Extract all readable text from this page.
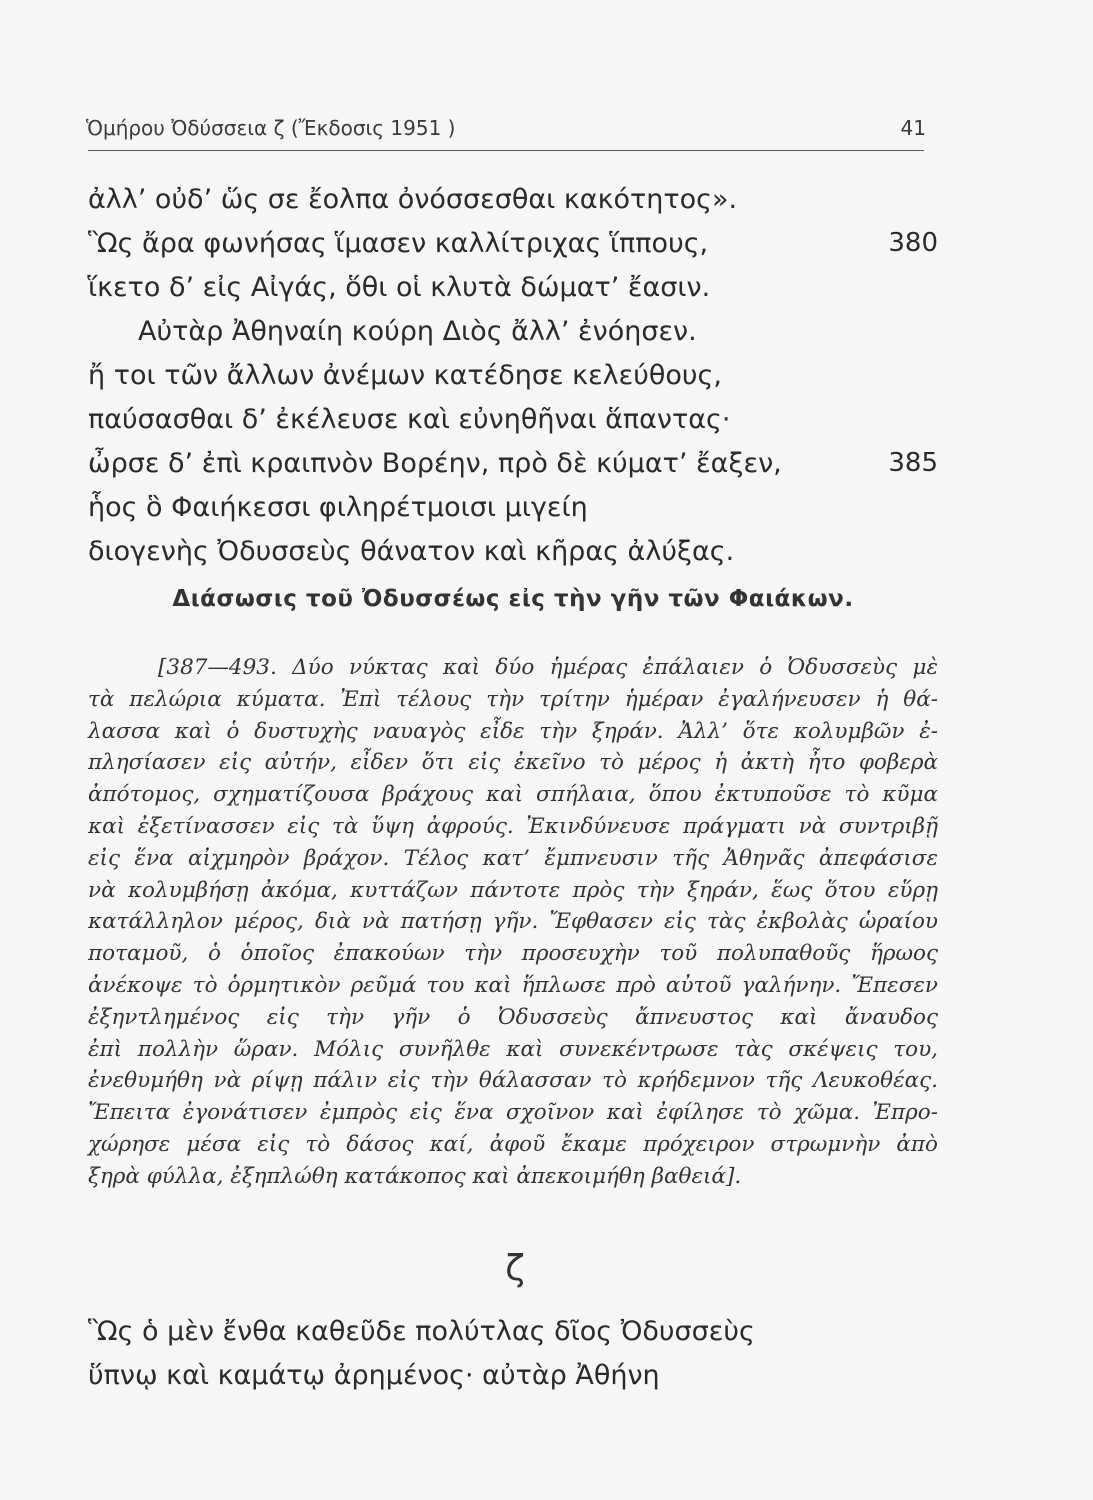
Ὁμήρου Ὀδύσσεια ζ (Ἔκδοσις 1951 )	41
ἀλλ’ οὐδ’ ὥς σε ἔολπα ὀνόσσεσθαι κακότητος».
Ὣς ἄρα φωνήσας ἵμασεν καλλίτριχας ἵππους,	380
ἵκετο δ’ εἰς Αἰγάς, ὅθι οἱ κλυτὰ δώματ’ ἔασιν.
Αὐτὰρ Ἀθηναίη κούρη Διὸς ἄλλ’ ἐνόησεν.
ἤ τοι τῶν ἄλλων ἀνέμων κατέδησε κελεύθους,
παύσασθαι δ’ ἐκέλευσε καὶ εὐνηθῆναι ἅπαντας·
ὦρσε δ’ ἐπὶ κραιπνὸν Βορέην, πρὸ δὲ κύματ’ ἔαξεν,	385
ἧος ὃ Φαιήκεσσι φιληρέτμοισι μιγείη
διογενὴς Ὀδυσσεὺς θάνατον καὶ κῆρας ἀλύξας.
Διάσωσις τοῦ Ὀδυσσέως εἰς τὴν γῆν τῶν Φαιάκων.
[387—493. Δύο νύκτας καὶ δύο ἡμέρας ἐπάλαιεν ὁ Ὀδυσσεὺς μὲ
τὰ πελώρια κύματα. Ἐπὶ τέλους τὴν τρίτην ἡμέραν ἐγαλήνευσεν ἡ θά-
λασσα καὶ ὁ δυστυχὴς ναυαγὸς εἶδε τὴν ξηράν. Ἀλλ’ ὅτε κολυμβῶν ἐ-
πλησίασεν εἰς αὐτήν, εἶδεν ὅτι εἰς ἐκεῖνο τὸ μέρος ἡ ἀκτὴ ἦτο φοβερὰ
ἀπότομος, σχηματίζουσα βράχους καὶ σπήλαια, ὅπου ἐκτυποῦσε τὸ κῦμα
καὶ ἐξετίνασσεν εἰς τὰ ὕψη ἀφρούς. Ἐκινδύνευσε πράγματι νὰ συντριβῇ
εἰς ἕνα αἰχμηρὸν βράχον. Τέλος κατ’ ἔμπνευσιν τῆς Ἀθηνᾶς ἀπεφάσισε
νὰ κολυμβήσῃ ἀκόμα, κυττάζων πάντοτε πρὸς τὴν ξηράν, ἕως ὅτου εὕρῃ
κατάλληλον μέρος, διὰ νὰ πατήσῃ γῆν. Ἔφθασεν εἰς τὰς ἐκβολὰς ὡραίου
ποταμοῦ, ὁ ὁποῖος ἐπακούων τὴν προσευχὴν τοῦ πολυπαθοῦς ἥρωος
ἀνέκοψε τὸ ὁρμητικὸν ρεῦμά του καὶ ἥπλωσε πρὸ αὐτοῦ γαλήνην. Ἔπεσεν
ἐξηντλημένος εἰς τὴν γῆν ὁ Ὀδυσσεὺς ἄπνευστος καὶ ἄναυδος
ἐπὶ πολλὴν ὥραν. Μόλις συνῆλθε καὶ συνεκέντρωσε τὰς σκέψεις του,
ἐνεθυμήθη νὰ ρίψῃ πάλιν εἰς τὴν θάλασσαν τὸ κρήδεμνον τῆς Λευκοθέας.
Ἔπειτα ἐγονάτισεν ἐμπρὸς εἰς ἕνα σχοῖνον καὶ ἐφίλησε τὸ χῶμα. Ἐπρο-
χώρησε μέσα εἰς τὸ δάσος καί, ἀφοῦ ἔκαμε πρόχειρον στρωμνὴν ἀπὸ
ξηρὰ φύλλα, ἐξηπλώθη κατάκοπος καὶ ἀπεκοιμήθη βαθειά].
ζ
Ὣς ὁ μὲν ἔνθα καθεῦδε πολύτλας δῖος Ὀδυσσεὺς
ὕπνῳ καὶ καμάτῳ ἀρημένος· αὐτὰρ Ἀθήνη
